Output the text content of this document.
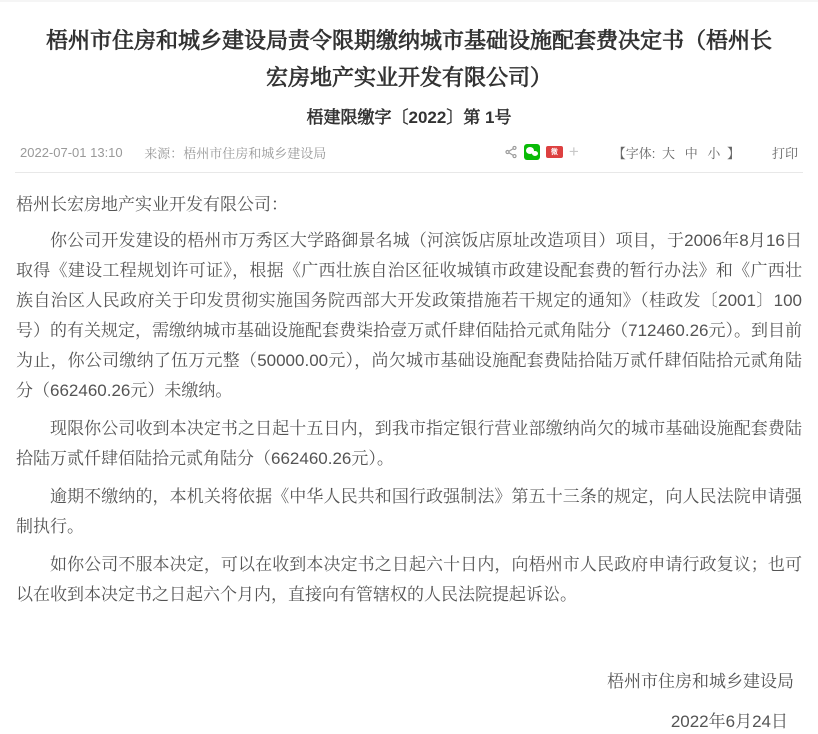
梧州市住房和城乡建设局责令限期缴纳城市基础设施配套费决定书（梧州长宏房地产实业开发有限公司）
梧建限缴字〔2022〕第 1号
2022-07-01 13:10 来源：梧州市住房和城乡建设局	微 +	【字体: 大 中 小 】 打印

梧州长宏房地产实业开发有限公司：

你公司开发建设的梧州市万秀区大学路御景名城（河滨饭店原址改造项目）项目，于2006年8月16日取得《建设工程规划许可证》，根据《广西壮族自治区征收城镇市政建设配套费的暂行办法》和《广西壮族自治区人民政府关于印发贯彻实施国务院西部大开发政策措施若干规定的通知》（桂政发〔2001〕100号）的有关规定，需缴纳城市基础设施配套费柒拾壹万贰仟肆佰陆拾元贰角陆分（712460.26元）。到目前为止，你公司缴纳了伍万元整（50000.00元），尚欠城市基础设施配套费陆拾陆万贰仟肆佰陆拾元贰角陆分（662460.26元）未缴纳。

现限你公司收到本决定书之日起十五日内，到我市指定银行营业部缴纳尚欠的城市基础设施配套费陆拾陆万贰仟肆佰陆拾元贰角陆分（662460.26元）。

逾期不缴纳的，本机关将依据《中华人民共和国行政强制法》第五十三条的规定，向人民法院申请强制执行。

如你公司不服本决定，可以在收到本决定书之日起六十日内，向梧州市人民政府申请行政复议；也可以在收到本决定书之日起六个月内，直接向有管辖权的人民法院提起诉讼。

梧州市住房和城乡建设局
2022年6月24日
